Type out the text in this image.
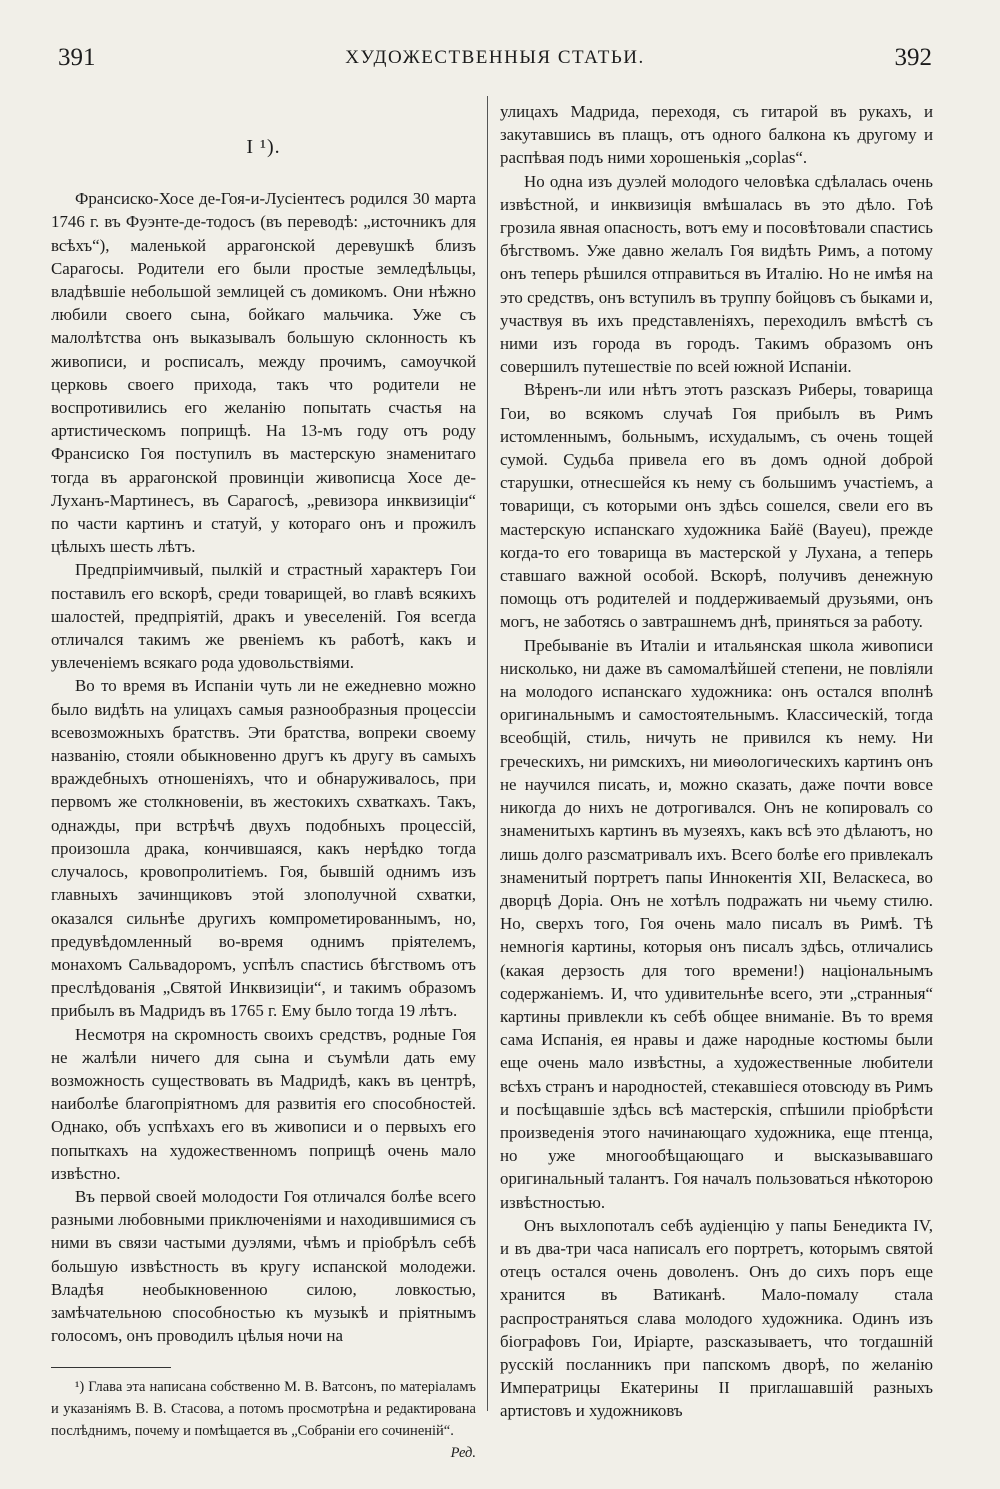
391	ХУДОЖЕСТВЕННЫЯ СТАТЬИ.	392
I ¹).

Франсиско-Хосе де-Гоя-и-Лусіентесъ родился 30 марта 1746 г. въ Фуэнте-де-тодосъ (въ переводѣ: „источникъ для всѣхъ“), маленькой аррагонской деревушкѣ близъ Сарагосы. Родители его были простые земледѣльцы, владѣвшіе небольшой землицей съ домикомъ. Они нѣжно любили своего сына, бойкаго мальчика. Уже съ малолѣтства онъ выказывалъ большую склонность къ живописи, и росписалъ, между прочимъ, самоучкой церковь своего прихода, такъ что родители не воспротивились его желанію попытать счастья на артистическомъ поприщѣ. На 13-мъ году отъ роду Франсиско Гоя поступилъ въ мастерскую знаменитаго тогда въ аррагонской провинціи живописца Хосе де-Луханъ-Мартинесъ, въ Сарагосѣ, „ревизора инквизиціи“ по части картинъ и статуй, у котораго онъ и прожилъ цѣлыхъ шесть лѣтъ.

Предпріимчивый, пылкій и страстный характеръ Гои поставилъ его вскорѣ, среди товарищей, во главѣ всякихъ шалостей, предпріятій, дракъ и увеселеній. Гоя всегда отличался такимъ же рвеніемъ къ работѣ, какъ и увлеченіемъ всякаго рода удовольствіями.

Во то время въ Испаніи чуть ли не ежедневно можно было видѣть на улицахъ самыя разнообразныя процессіи всевозможныхъ братствъ. Эти братства, вопреки своему названію, стояли обыкновенно другъ къ другу въ самыхъ враждебныхъ отношеніяхъ, что и обнаруживалось, при первомъ же столкновеніи, въ жестокихъ схваткахъ. Такъ, однажды, при встрѣчѣ двухъ подобныхъ процессій, произошла драка, кончившаяся, какъ нерѣдко тогда случалось, кровопролитіемъ. Гоя, бывшій однимъ изъ главныхъ зачинщиковъ этой злополучной схватки, оказался сильнѣе другихъ компрометированнымъ, но, предувѣдомленный во-время однимъ пріятелемъ, монахомъ Сальвадоромъ, успѣлъ спастись бѣгствомъ отъ преслѣдованія „Святой Инквизиціи“, и такимъ образомъ прибылъ въ Мадридъ въ 1765 г. Ему было тогда 19 лѣтъ.

Несмотря на скромность своихъ средствъ, родные Гоя не жалѣли ничего для сына и съумѣли дать ему возможность существовать въ Мадридѣ, какъ въ центрѣ, наиболѣе благопріятномъ для развитія его способностей. Однако, объ успѣхахъ его въ живописи и о первыхъ его попыткахъ на художественномъ поприщѣ очень мало извѣстно.

Въ первой своей молодости Гоя отличался болѣе всего разными любовными приключеніями и находившимися съ ними въ связи частыми дуэлями, чѣмъ и пріобрѣлъ себѣ большую извѣстность въ кругу испанской молодежи. Владѣя необыкновенною силою, ловкостью, замѣчательною способностью къ музыкѣ и пріятнымъ голосомъ, онъ проводилъ цѣлыя ночи на

¹) Глава эта написана собственно М. В. Ватсонъ, по матеріаламъ и указаніямъ В. В. Стасова, а потомъ просмотрѣна и редактирована послѣднимъ, почему и помѣщается въ „Собраніи его сочиненій“.
Ред.

улицахъ Мадрида, переходя, съ гитарой въ рукахъ, и закутавшись въ плащъ, отъ одного балкона къ другому и распѣвая подъ ними хорошенькія „coplas“.

Но одна изъ дуэлей молодого человѣка сдѣлалась очень извѣстной, и инквизиція вмѣшалась въ это дѣло. Гоѣ грозила явная опасность, вотъ ему и посовѣтовали спастись бѣгствомъ. Уже давно желалъ Гоя видѣть Римъ, а потому онъ теперь рѣшился отправиться въ Италію. Но не имѣя на это средствъ, онъ вступилъ въ труппу бойцовъ съ быками и, участвуя въ ихъ представленіяхъ, переходилъ вмѣстѣ съ ними изъ города въ городъ. Такимъ образомъ онъ совершилъ путешествіе по всей южной Испаніи.

Вѣренъ-ли или нѣтъ этотъ разсказъ Риберы, товарища Гои, во всякомъ случаѣ Гоя прибылъ въ Римъ истомленнымъ, больнымъ, исхудалымъ, съ очень тощей сумой. Судьба привела его въ домъ одной доброй старушки, отнесшейся къ нему съ большимъ участіемъ, а товарищи, съ которыми онъ здѣсь сошелся, свели его въ мастерскую испанскаго художника Байё (Bayeu), прежде когда-то его товарища въ мастерской у Лухана, а теперь ставшаго важной особой. Вскорѣ, получивъ денежную помощь отъ родителей и поддерживаемый друзьями, онъ могъ, не заботясь о завтрашнемъ днѣ, приняться за работу.

Пребываніе въ Италіи и итальянская школа живописи нисколько, ни даже въ самомалѣйшей степени, не повліяли на молодого испанскаго художника: онъ остался вполнѣ оригинальнымъ и самостоятельнымъ. Классическій, тогда всеобщій, стиль, ничуть не привился къ нему. Ни греческихъ, ни римскихъ, ни миѳологическихъ картинъ онъ не научился писать, и, можно сказать, даже почти вовсе никогда до нихъ не дотрогивался. Онъ не копировалъ со знаменитыхъ картинъ въ музеяхъ, какъ всѣ это дѣлаютъ, но лишь долго разсматривалъ ихъ. Всего болѣе его привлекалъ знаменитый портретъ папы Иннокентія XII, Веласкеса, во дворцѣ Доріа. Онъ не хотѣлъ подражать ни чьему стилю. Но, сверхъ того, Гоя очень мало писалъ въ Римѣ. Тѣ немногія картины, которыя онъ писалъ здѣсь, отличались (какая дерзость для того времени!) національнымъ содержаніемъ. И, что удивительнѣе всего, эти „странныя“ картины привлекли къ себѣ общее вниманіе. Въ то время сама Испанія, ея нравы и даже народные костюмы были еще очень мало извѣстны, а художественные любители всѣхъ странъ и народностей, стекавшіеся отовсюду въ Римъ и посѣщавшіе здѣсь всѣ мастерскія, спѣшили пріобрѣсти произведенія этого начинающаго художника, еще птенца, но уже многообѣщающаго и высказывавшаго оригинальный талантъ. Гоя началъ пользоваться нѣкоторою извѣстностью.

Онъ выхлопоталъ себѣ аудіенцію у папы Бенедикта IV, и въ два-три часа написалъ его портретъ, которымъ святой отецъ остался очень доволенъ. Онъ до сихъ поръ еще хранится въ Ватиканѣ. Мало-помалу стала распространяться слава молодого художника. Одинъ изъ біографовъ Гои, Иріарте, разсказываетъ, что тогдашній русскій посланникъ при папскомъ дворѣ, по желанію Императрицы Екатерины II приглашавшій разныхъ артистовъ и художниковъ
